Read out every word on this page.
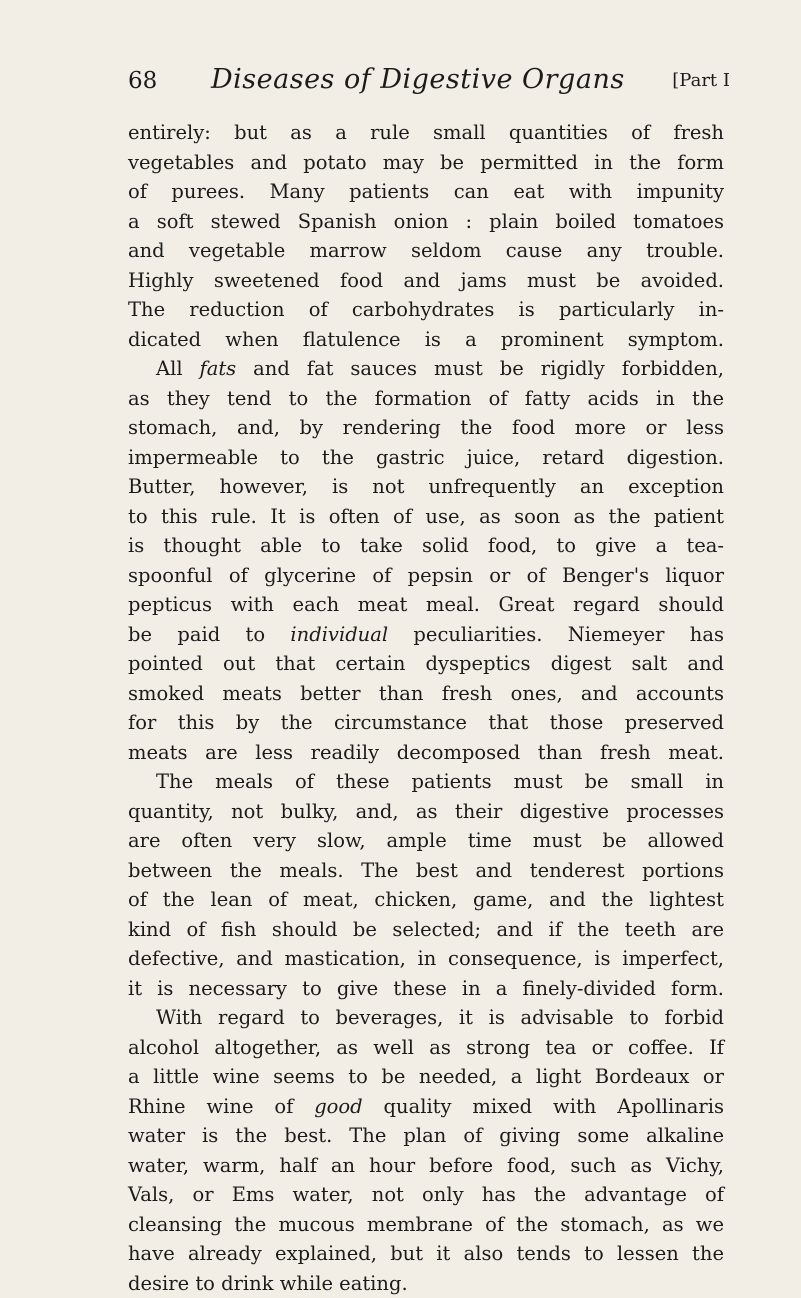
68 Diseases of Digestive Organs	[Part I
entirely: but as a rule small quantities of fresh
vegetables and potato may be permitted in the form
of purees. Many patients can eat with impunity
a soft stewed Spanish onion : plain boiled tomatoes
and vegetable marrow seldom cause any trouble.
Highly sweetened food and jams must be avoided.
The reduction of carbohydrates is particularly in-
dicated when flatulence is a prominent symptom.
All fats and fat sauces must be rigidly forbidden,
as they tend to the formation of fatty acids in the
stomach, and, by rendering the food more or less
impermeable to the gastric juice, retard digestion.
Butter, however, is not unfrequently an exception
to this rule. It is often of use, as soon as the patient
is thought able to take solid food, to give a tea-
spoonful of glycerine of pepsin or of Benger's liquor
pepticus with each meat meal. Great regard should
be paid to individual peculiarities. Niemeyer has
pointed out that certain dyspeptics digest salt and
smoked meats better than fresh ones, and accounts
for this by the circumstance that those preserved
meats are less readily decomposed than fresh meat.
The meals of these patients must be small in
quantity, not bulky, and, as their digestive processes
are often very slow, ample time must be allowed
between the meals. The best and tenderest portions
of the lean of meat, chicken, game, and the lightest
kind of fish should be selected; and if the teeth are
defective, and mastication, in consequence, is imperfect,
it is necessary to give these in a finely-divided form.
With regard to beverages, it is advisable to forbid
alcohol altogether, as well as strong tea or coffee. If
a little wine seems to be needed, a light Bordeaux or
Rhine wine of good quality mixed with Apollinaris
water is the best. The plan of giving some alkaline
water, warm, half an hour before food, such as Vichy,
Vals, or Ems water, not only has the advantage of
cleansing the mucous membrane of the stomach, as we
have already explained, but it also tends to lessen the
desire to drink while eating.
